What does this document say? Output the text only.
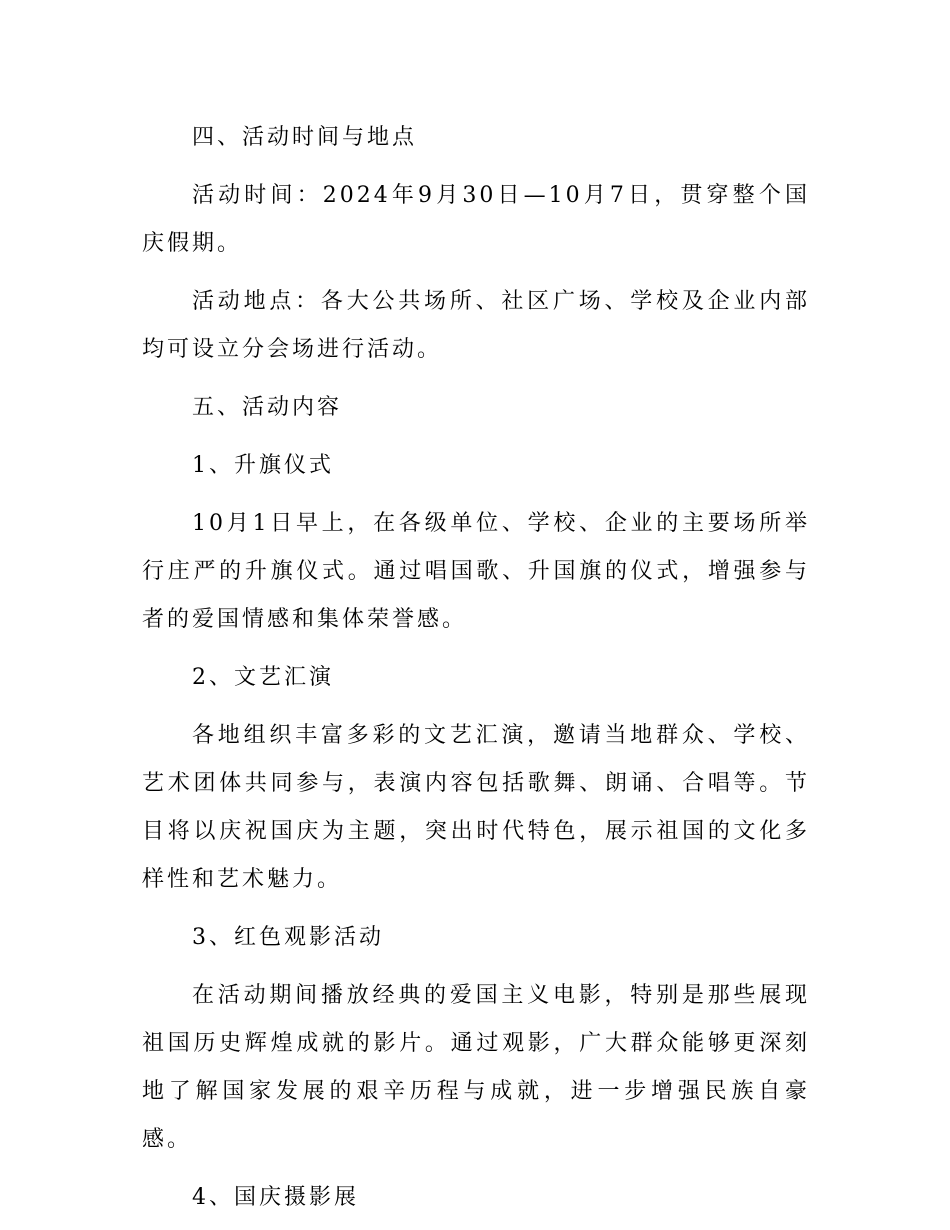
四、活动时间与地点

活动时间：2024年9月30日—10月7日，贯穿整个国庆假期。

活动地点：各大公共场所、社区广场、学校及企业内部均可设立分会场进行活动。

五、活动内容

1、升旗仪式

10月1日早上，在各级单位、学校、企业的主要场所举行庄严的升旗仪式。通过唱国歌、升国旗的仪式，增强参与者的爱国情感和集体荣誉感。

2、文艺汇演

各地组织丰富多彩的文艺汇演，邀请当地群众、学校、艺术团体共同参与，表演内容包括歌舞、朗诵、合唱等。节目将以庆祝国庆为主题，突出时代特色，展示祖国的文化多样性和艺术魅力。

3、红色观影活动

在活动期间播放经典的爱国主义电影，特别是那些展现祖国历史辉煌成就的影片。通过观影，广大群众能够更深刻地了解国家发展的艰辛历程与成就，进一步增强民族自豪感。

4、国庆摄影展
